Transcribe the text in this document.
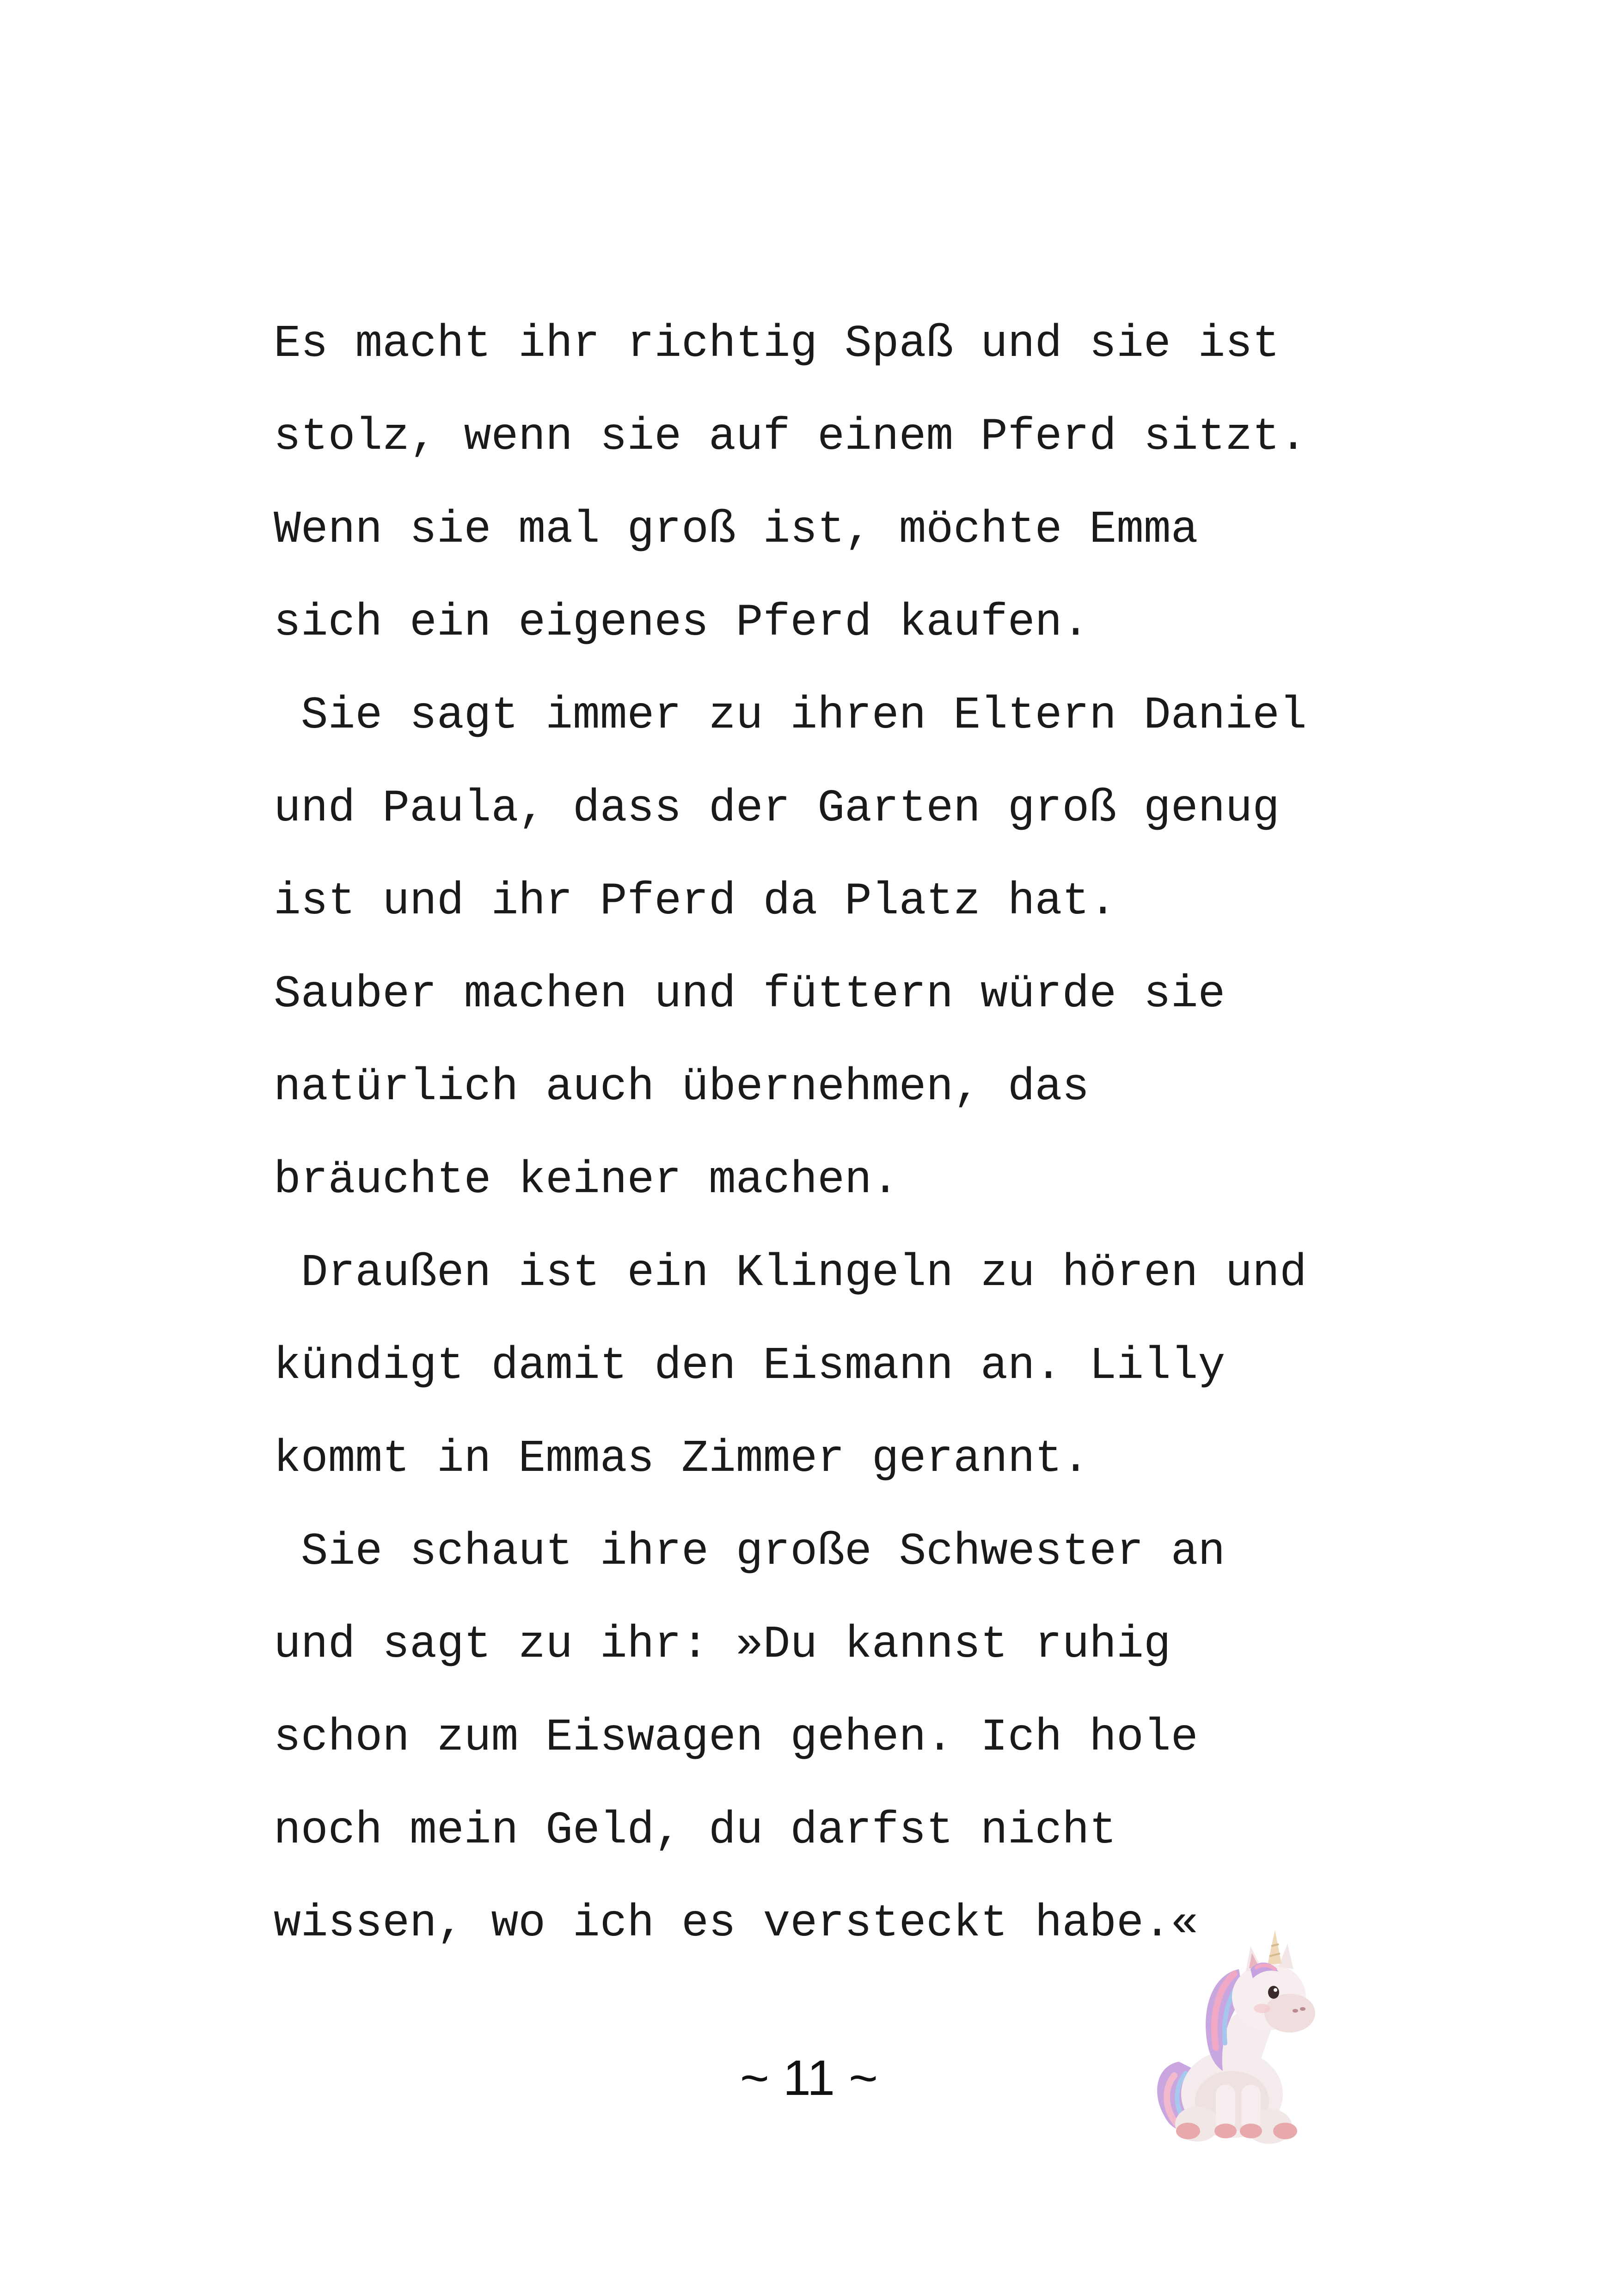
Es macht ihr richtig Spaß und sie ist
stolz, wenn sie auf einem Pferd sitzt.
Wenn sie mal groß ist, möchte Emma
sich ein eigenes Pferd kaufen.
Sie sagt immer zu ihren Eltern Daniel
und Paula, dass der Garten groß genug
ist und ihr Pferd da Platz hat.
Sauber machen und füttern würde sie
natürlich auch übernehmen, das
bräuchte keiner machen.
Draußen ist ein Klingeln zu hören und
kündigt damit den Eismann an. Lilly
kommt in Emmas Zimmer gerannt.
Sie schaut ihre große Schwester an
und sagt zu ihr: »Du kannst ruhig
schon zum Eiswagen gehen. Ich hole
noch mein Geld, du darfst nicht
wissen, wo ich es versteckt habe.«
~ 11 ~
